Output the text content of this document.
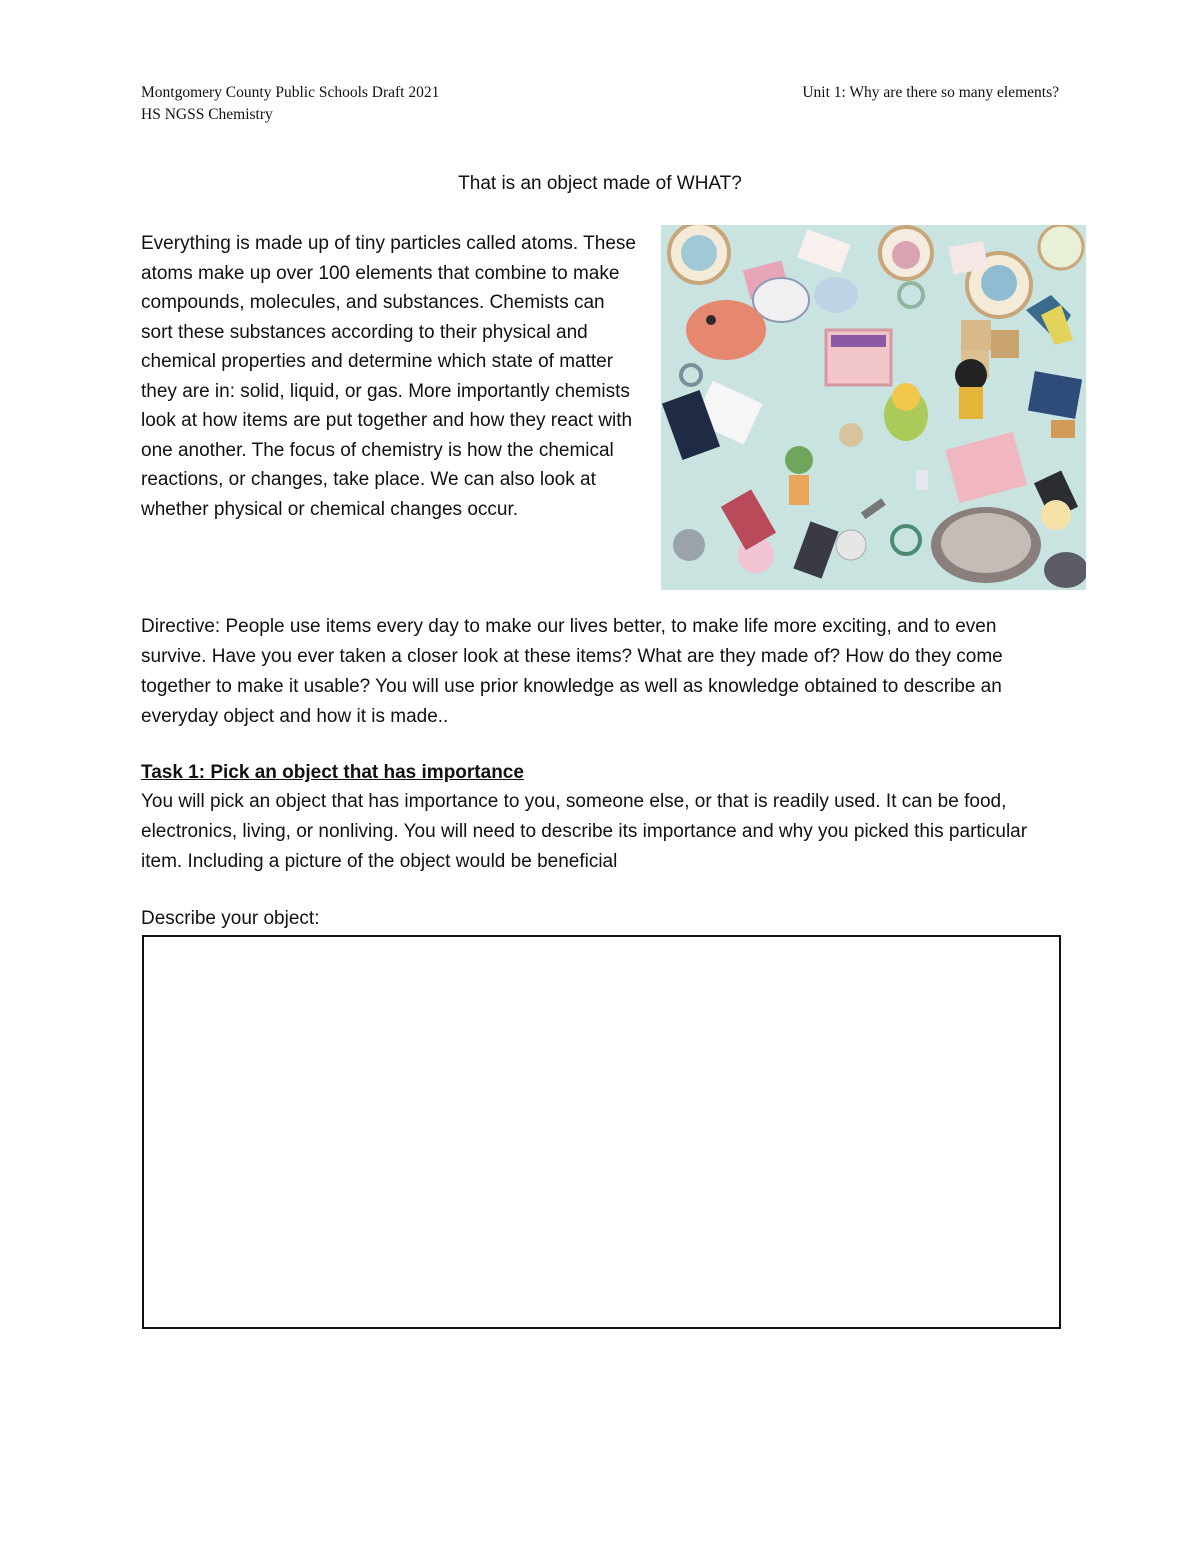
Montgomery County Public Schools Draft 2021
HS NGSS Chemistry
Unit 1: Why are there so many elements?
That is an object made of WHAT?
Everything is made up of tiny particles called atoms. These atoms make up over 100 elements that combine to make compounds, molecules, and substances. Chemists can sort these substances according to their physical and chemical properties and determine which state of matter they are in: solid, liquid, or gas. More importantly chemists look at how items are put together and how they react with one another. The focus of chemistry is how the chemical reactions, or changes, take place. We can also look at whether physical or chemical changes occur.
Directive: People use items every day to make our lives better, to make life more exciting, and to even survive. Have you ever taken a closer look at these items? What are they made of? How do they come together to make it usable? You will use prior knowledge as well as knowledge obtained to describe an everyday object and how it is made..
Task 1: Pick an object that has importance
You will pick an object that has importance to you, someone else, or that is readily used. It can be food, electronics, living, or nonliving. You will need to describe its importance and why you picked this particular item. Including a picture of the object would be beneficial
Describe your object:
